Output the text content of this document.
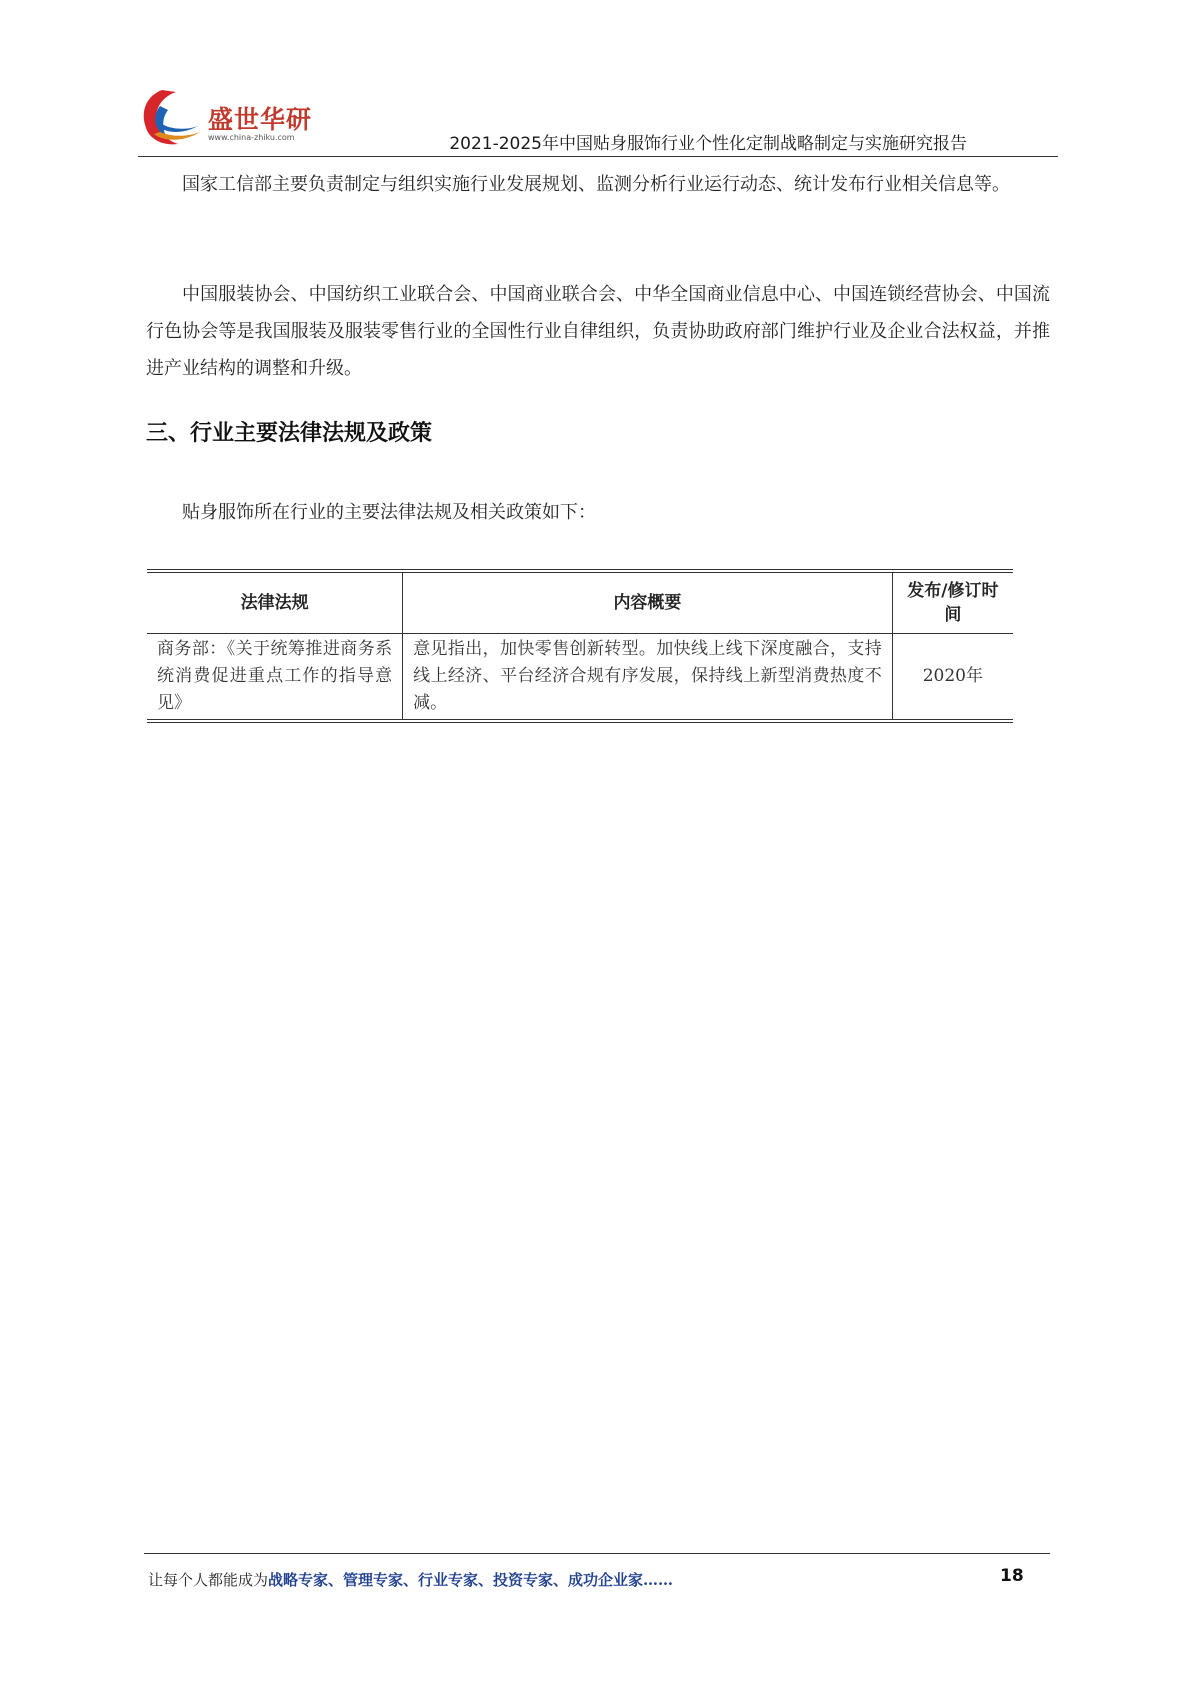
盛世华研
www.china-zhiku.com	2021-2025年中国贴身服饰行业个性化定制战略制定与实施研究报告

国家工信部主要负责制定与组织实施行业发展规划、监测分析行业运行动态、统计发布行业相关信息等。

中国服装协会、中国纺织工业联合会、中国商业联合会、中华全国商业信息中心、中国连锁经营协会、中国流行色协会等是我国服装及服装零售行业的全国性行业自律组织，负责协助政府部门维护行业及企业合法权益，并推进产业结构的调整和升级。

三、行业主要法律法规及政策

贴身服饰所在行业的主要法律法规及相关政策如下：

法律法规	内容概要	发布/修订时间
商务部：《关于统筹推进商务系统消费促进重点工作的指导意见》	意见指出，加快零售创新转型。加快线上线下深度融合，支持线上经济、平台经济合规有序发展，保持线上新型消费热度不减。	2020年
让每个人都能成为战略专家、管理专家、行业专家、投资专家、成功企业家……	18
